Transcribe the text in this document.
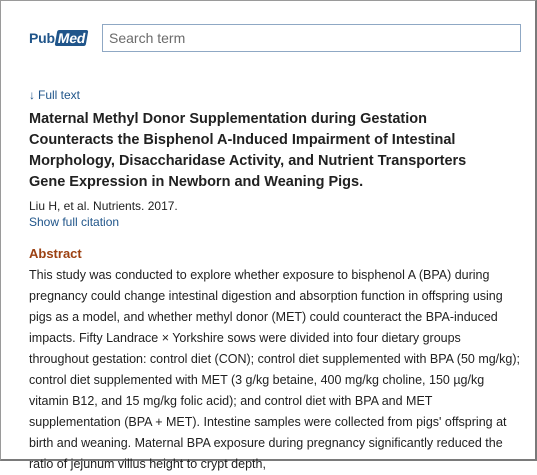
Pub Med
Search term
↓ Full text
Maternal Methyl Donor Supplementation during Gestation Counteracts the Bisphenol A-Induced Impairment of Intestinal Morphology, Disaccharidase Activity, and Nutrient Transporters Gene Expression in Newborn and Weaning Pigs.
Liu H, et al. Nutrients. 2017.
Show full citation
Abstract

This study was conducted to explore whether exposure to bisphenol A (BPA) during pregnancy could change intestinal digestion and absorption function in offspring using pigs as a model, and whether methyl donor (MET) could counteract the BPA-induced impacts. Fifty Landrace × Yorkshire sows were divided into four dietary groups throughout gestation: control diet (CON); control diet supplemented with BPA (50 mg/kg); control diet supplemented with MET (3 g/kg betaine, 400 mg/kg choline, 150 µg/kg vitamin B12, and 15 mg/kg folic acid); and control diet with BPA and MET supplementation (BPA + MET). Intestine samples were collected from pigs' offspring at birth and weaning. Maternal BPA exposure during pregnancy significantly reduced the ratio of jejunum villus height to crypt depth,
